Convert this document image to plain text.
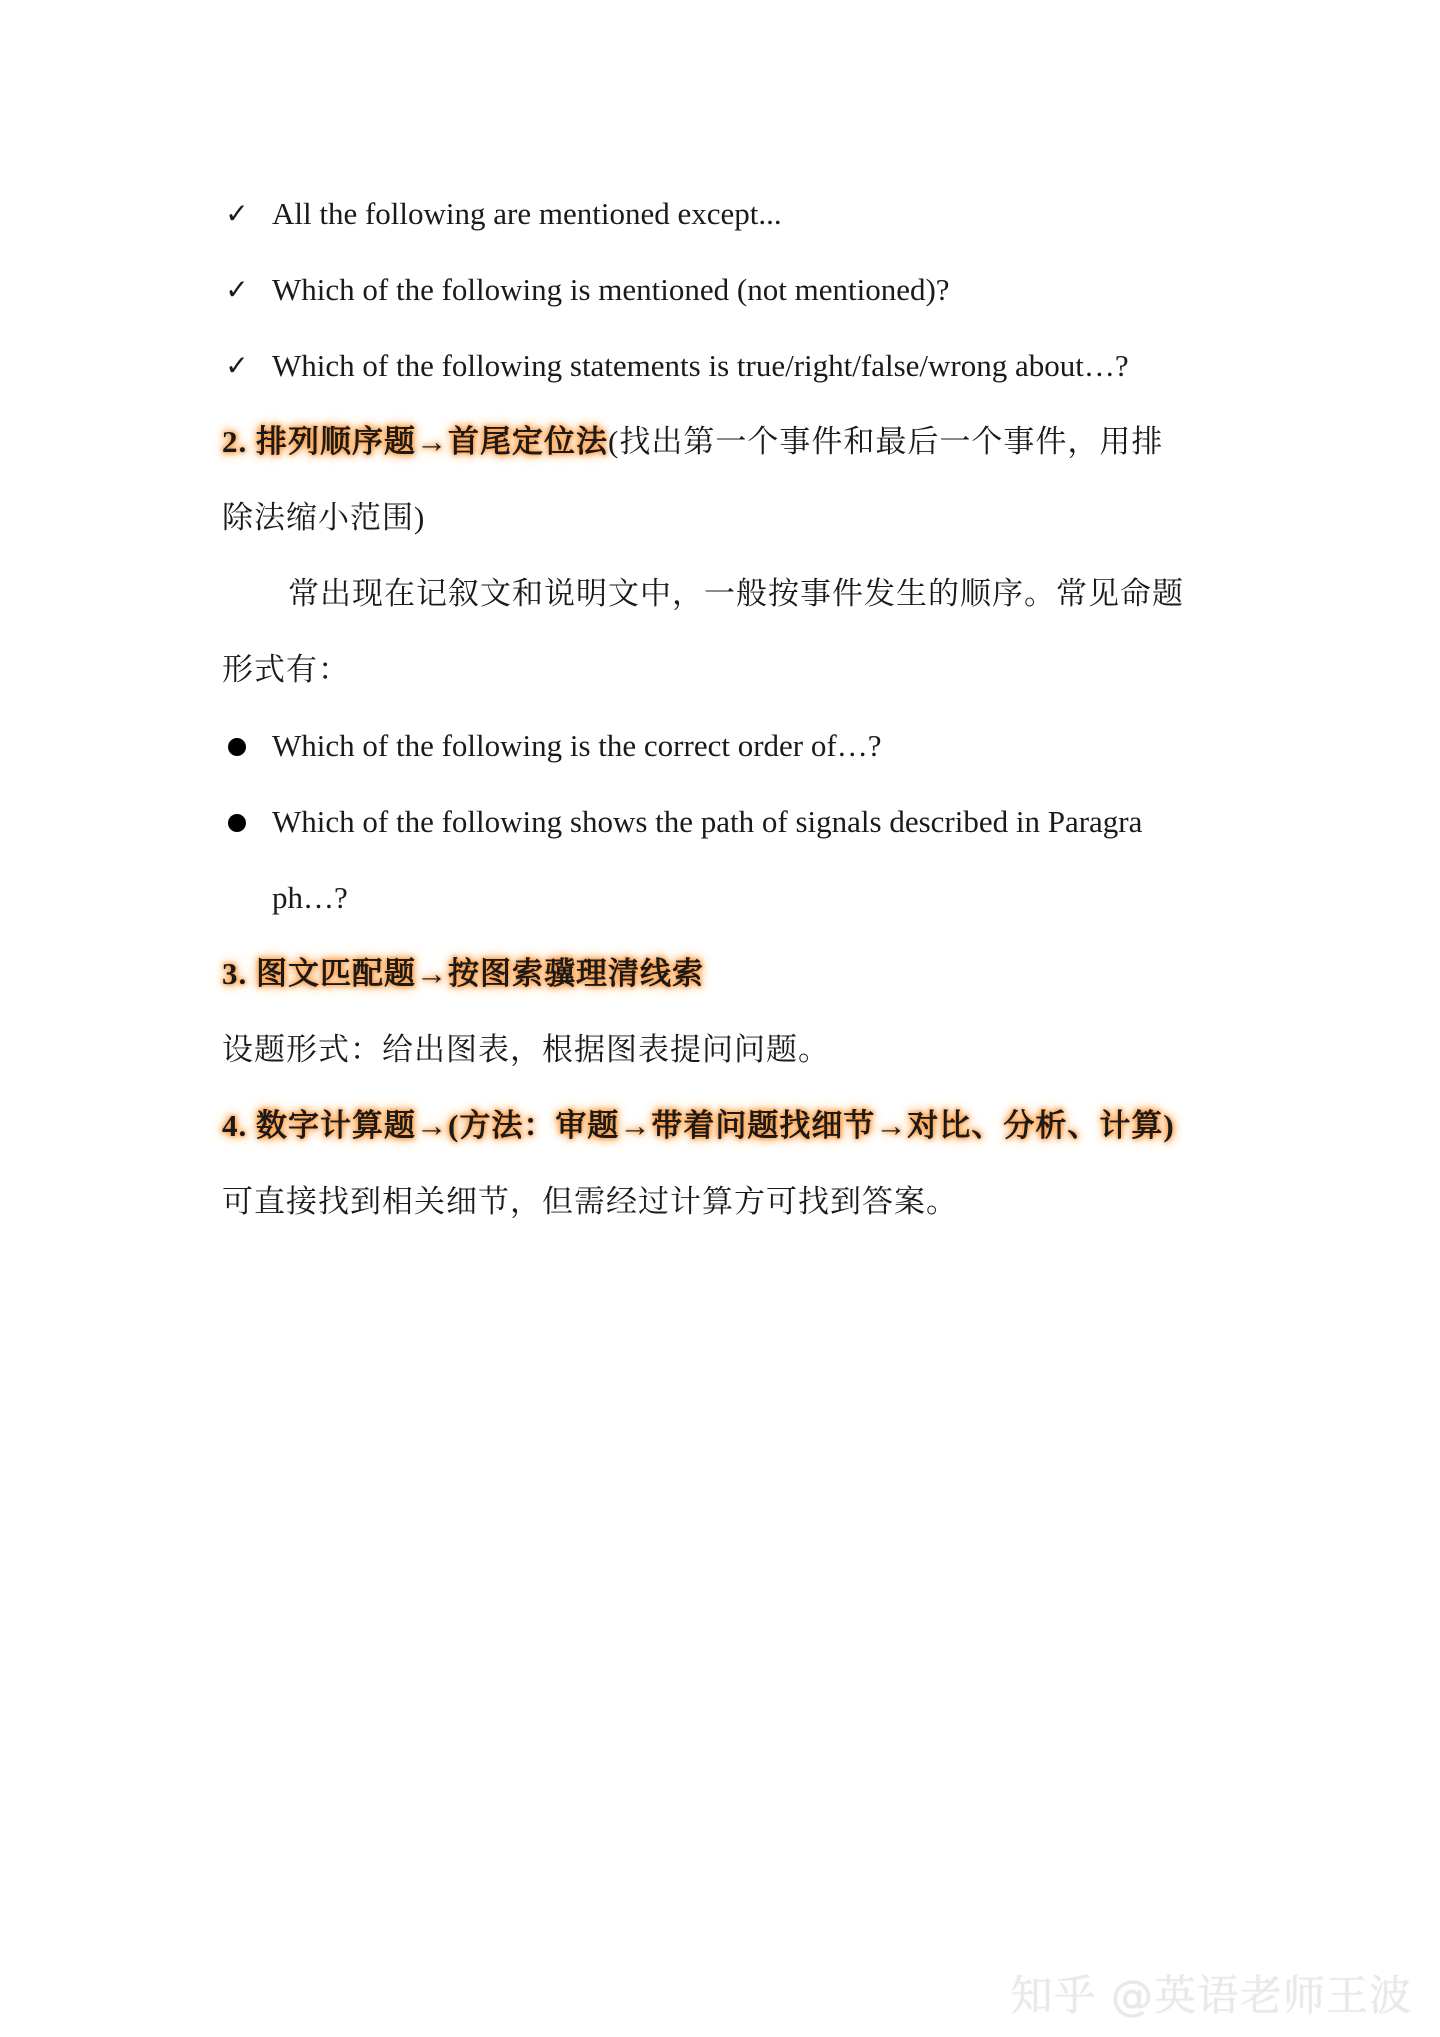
✓ All the following are mentioned except...
✓ Which of the following is mentioned (not mentioned)?
✓ Which of the following statements is true/right/false/wrong about…?
2. 排列顺序题→首尾定位法(找出第一个事件和最后一个事件，用排
除法缩小范围)
常出现在记叙文和说明文中，一般按事件发生的顺序。常见命题
形式有：
Which of the following is the correct order of…?
Which of the following shows the path of signals described in Paragra
ph…?
3. 图文匹配题→按图索骥理清线索
设题形式：给出图表，根据图表提问问题。
4. 数字计算题→(方法：审题→带着问题找细节→对比、分析、计算)
可直接找到相关细节，但需经过计算方可找到答案。
知乎 @英语老师王波
